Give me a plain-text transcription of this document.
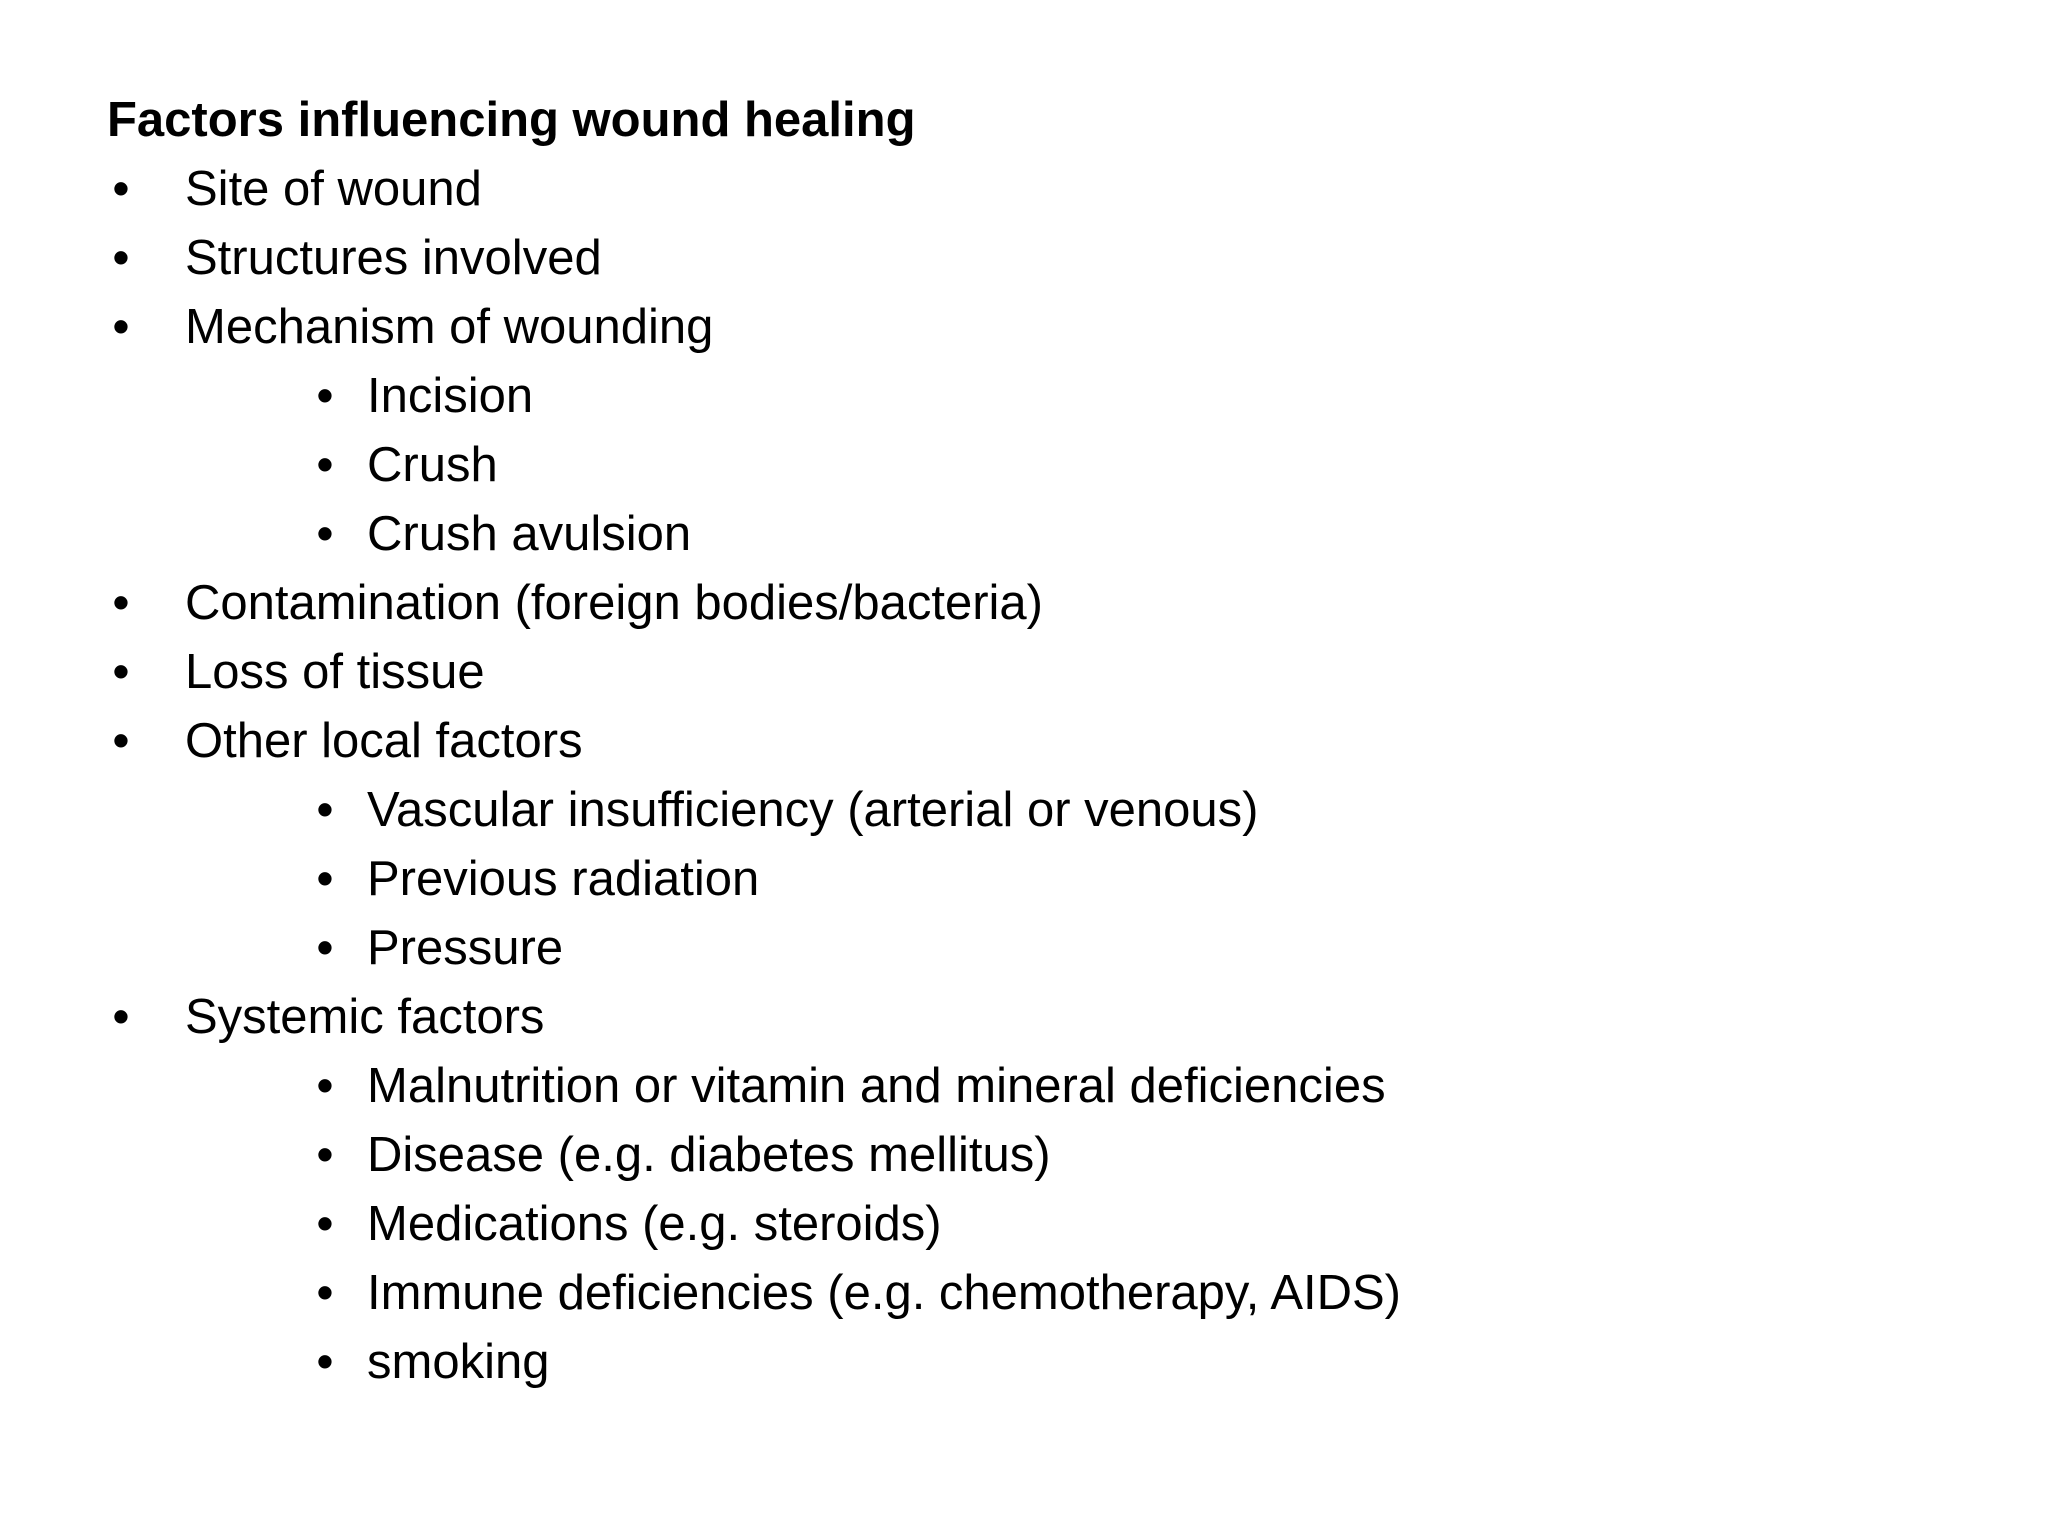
Factors influencing wound healing
• Site of wound
• Structures involved
• Mechanism of wounding
• Incision
• Crush
• Crush avulsion
• Contamination (foreign bodies/bacteria)
• Loss of tissue
• Other local factors
• Vascular insufficiency (arterial or venous)
• Previous radiation
• Pressure
• Systemic factors
• Malnutrition or vitamin and mineral deficiencies
• Disease (e.g. diabetes mellitus)
• Medications (e.g. steroids)
• Immune deficiencies (e.g. chemotherapy, AIDS)
• smoking
